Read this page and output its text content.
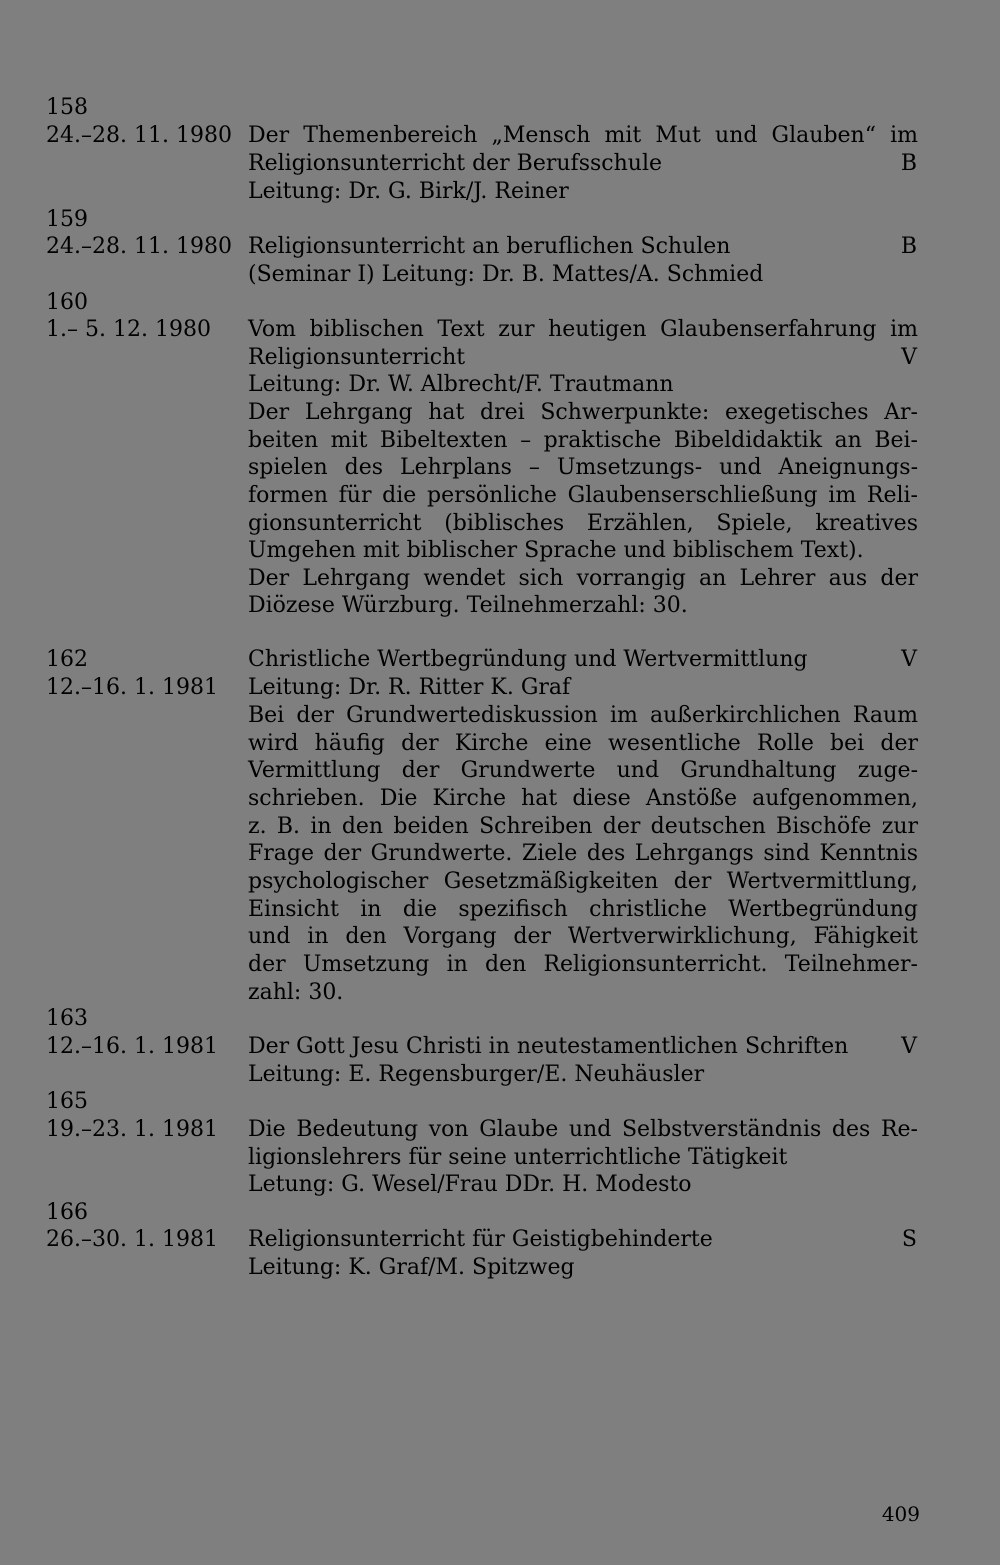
158
24.–28. 11. 1980 Der Themenbereich „Mensch mit Mut und Glauben“ im
Religionsunterricht der Berufsschule	B
Leitung: Dr. G. Birk/J. Reiner
159
24.–28. 11. 1980 Religionsunterricht an beruflichen Schulen	B
(Seminar I) Leitung: Dr. B. Mattes/A. Schmied
160
1.– 5. 12. 1980 Vom biblischen Text zur heutigen Glaubenserfahrung im
Religionsunterricht	V
Leitung: Dr. W. Albrecht/F. Trautmann
Der Lehrgang hat drei Schwerpunkte: exegetisches Ar-
beiten mit Bibeltexten – praktische Bibeldidaktik an Bei-
spielen des Lehrplans – Umsetzungs- und Aneignungs-
formen für die persönliche Glaubenserschließung im Reli-
gionsunterricht (biblisches Erzählen, Spiele, kreatives
Umgehen mit biblischer Sprache und biblischem Text).
Der Lehrgang wendet sich vorrangig an Lehrer aus der
Diözese Würzburg. Teilnehmerzahl: 30.
162	Christliche Wertbegründung und Wertvermittlung	V
12.–16. 1. 1981 Leitung: Dr. R. Ritter K. Graf
Bei der Grundwertediskussion im außerkirchlichen Raum
wird häufig der Kirche eine wesentliche Rolle bei der
Vermittlung der Grundwerte und Grundhaltung zuge-
schrieben. Die Kirche hat diese Anstöße aufgenommen,
z. B. in den beiden Schreiben der deutschen Bischöfe zur
Frage der Grundwerte. Ziele des Lehrgangs sind Kenntnis
psychologischer Gesetzmäßigkeiten der Wertvermittlung,
Einsicht in die spezifisch christliche Wertbegründung
und in den Vorgang der Wertverwirklichung, Fähigkeit
der Umsetzung in den Religionsunterricht. Teilnehmer-
zahl: 30.
163
12.–16. 1. 1981 Der Gott Jesu Christi in neutestamentlichen Schriften V
Leitung: E. Regensburger/E. Neuhäusler
165
19.–23. 1. 1981 Die Bedeutung von Glaube und Selbstverständnis des Re-
ligionslehrers für seine unterrichtliche Tätigkeit
Letung: G. Wesel/Frau DDr. H. Modesto
166
26.–30. 1. 1981 Religionsunterricht für Geistigbehinderte	S
Leitung: K. Graf/M. Spitzweg
409
